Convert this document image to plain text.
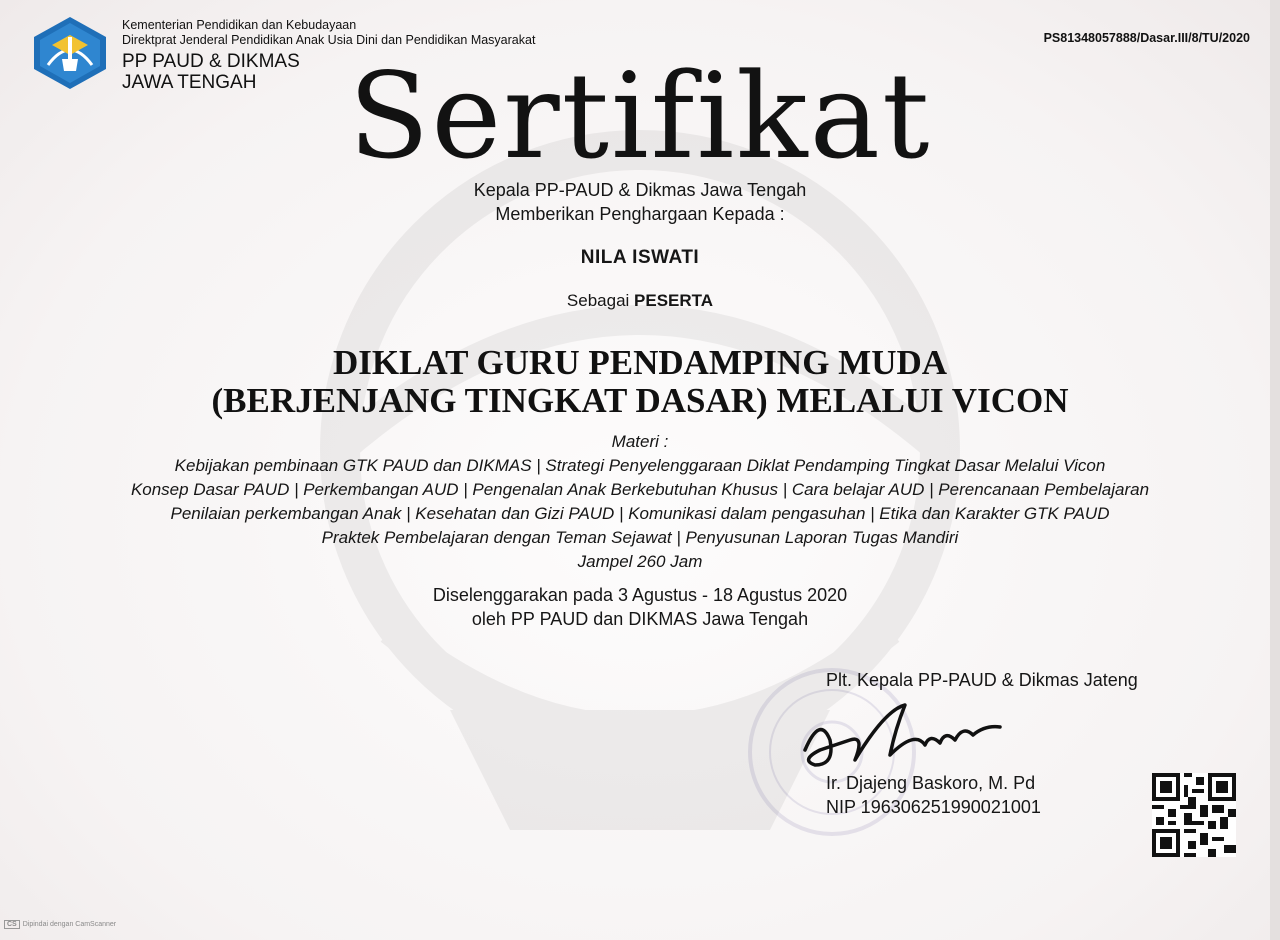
Kementerian Pendidikan dan Kebudayaan
Direktprat Jenderal Pendidikan Anak Usia Dini dan Pendidikan Masyarakat
PP PAUD & DIKMAS
JAWA TENGAH
PS81348057888/Dasar.III/8/TU/2020
Sertifikat
Kepala PP-PAUD & Dikmas Jawa Tengah
Memberikan Penghargaan Kepada :
NILA ISWATI
Sebagai PESERTA
DIKLAT GURU PENDAMPING MUDA
(BERJENJANG TINGKAT DASAR) MELALUI VICON
Materi :
Kebijakan pembinaan GTK PAUD dan DIKMAS | Strategi Penyelenggaraan Diklat Pendamping Tingkat Dasar Melalui Vicon
Konsep Dasar PAUD | Perkembangan AUD | Pengenalan Anak Berkebutuhan Khusus | Cara belajar AUD | Perencanaan Pembelajaran
Penilaian perkembangan Anak | Kesehatan dan Gizi PAUD | Komunikasi dalam pengasuhan | Etika dan Karakter GTK PAUD
Praktek Pembelajaran dengan Teman Sejawat | Penyusunan Laporan Tugas Mandiri
Jampel 260 Jam
Diselenggarakan pada 3 Agustus - 18 Agustus 2020
oleh PP PAUD dan DIKMAS Jawa Tengah
Plt. Kepala PP-PAUD & Dikmas Jateng
Ir. Djajeng Baskoro, M. Pd
NIP 196306251990021001
CS Dipindai dengan CamScanner
